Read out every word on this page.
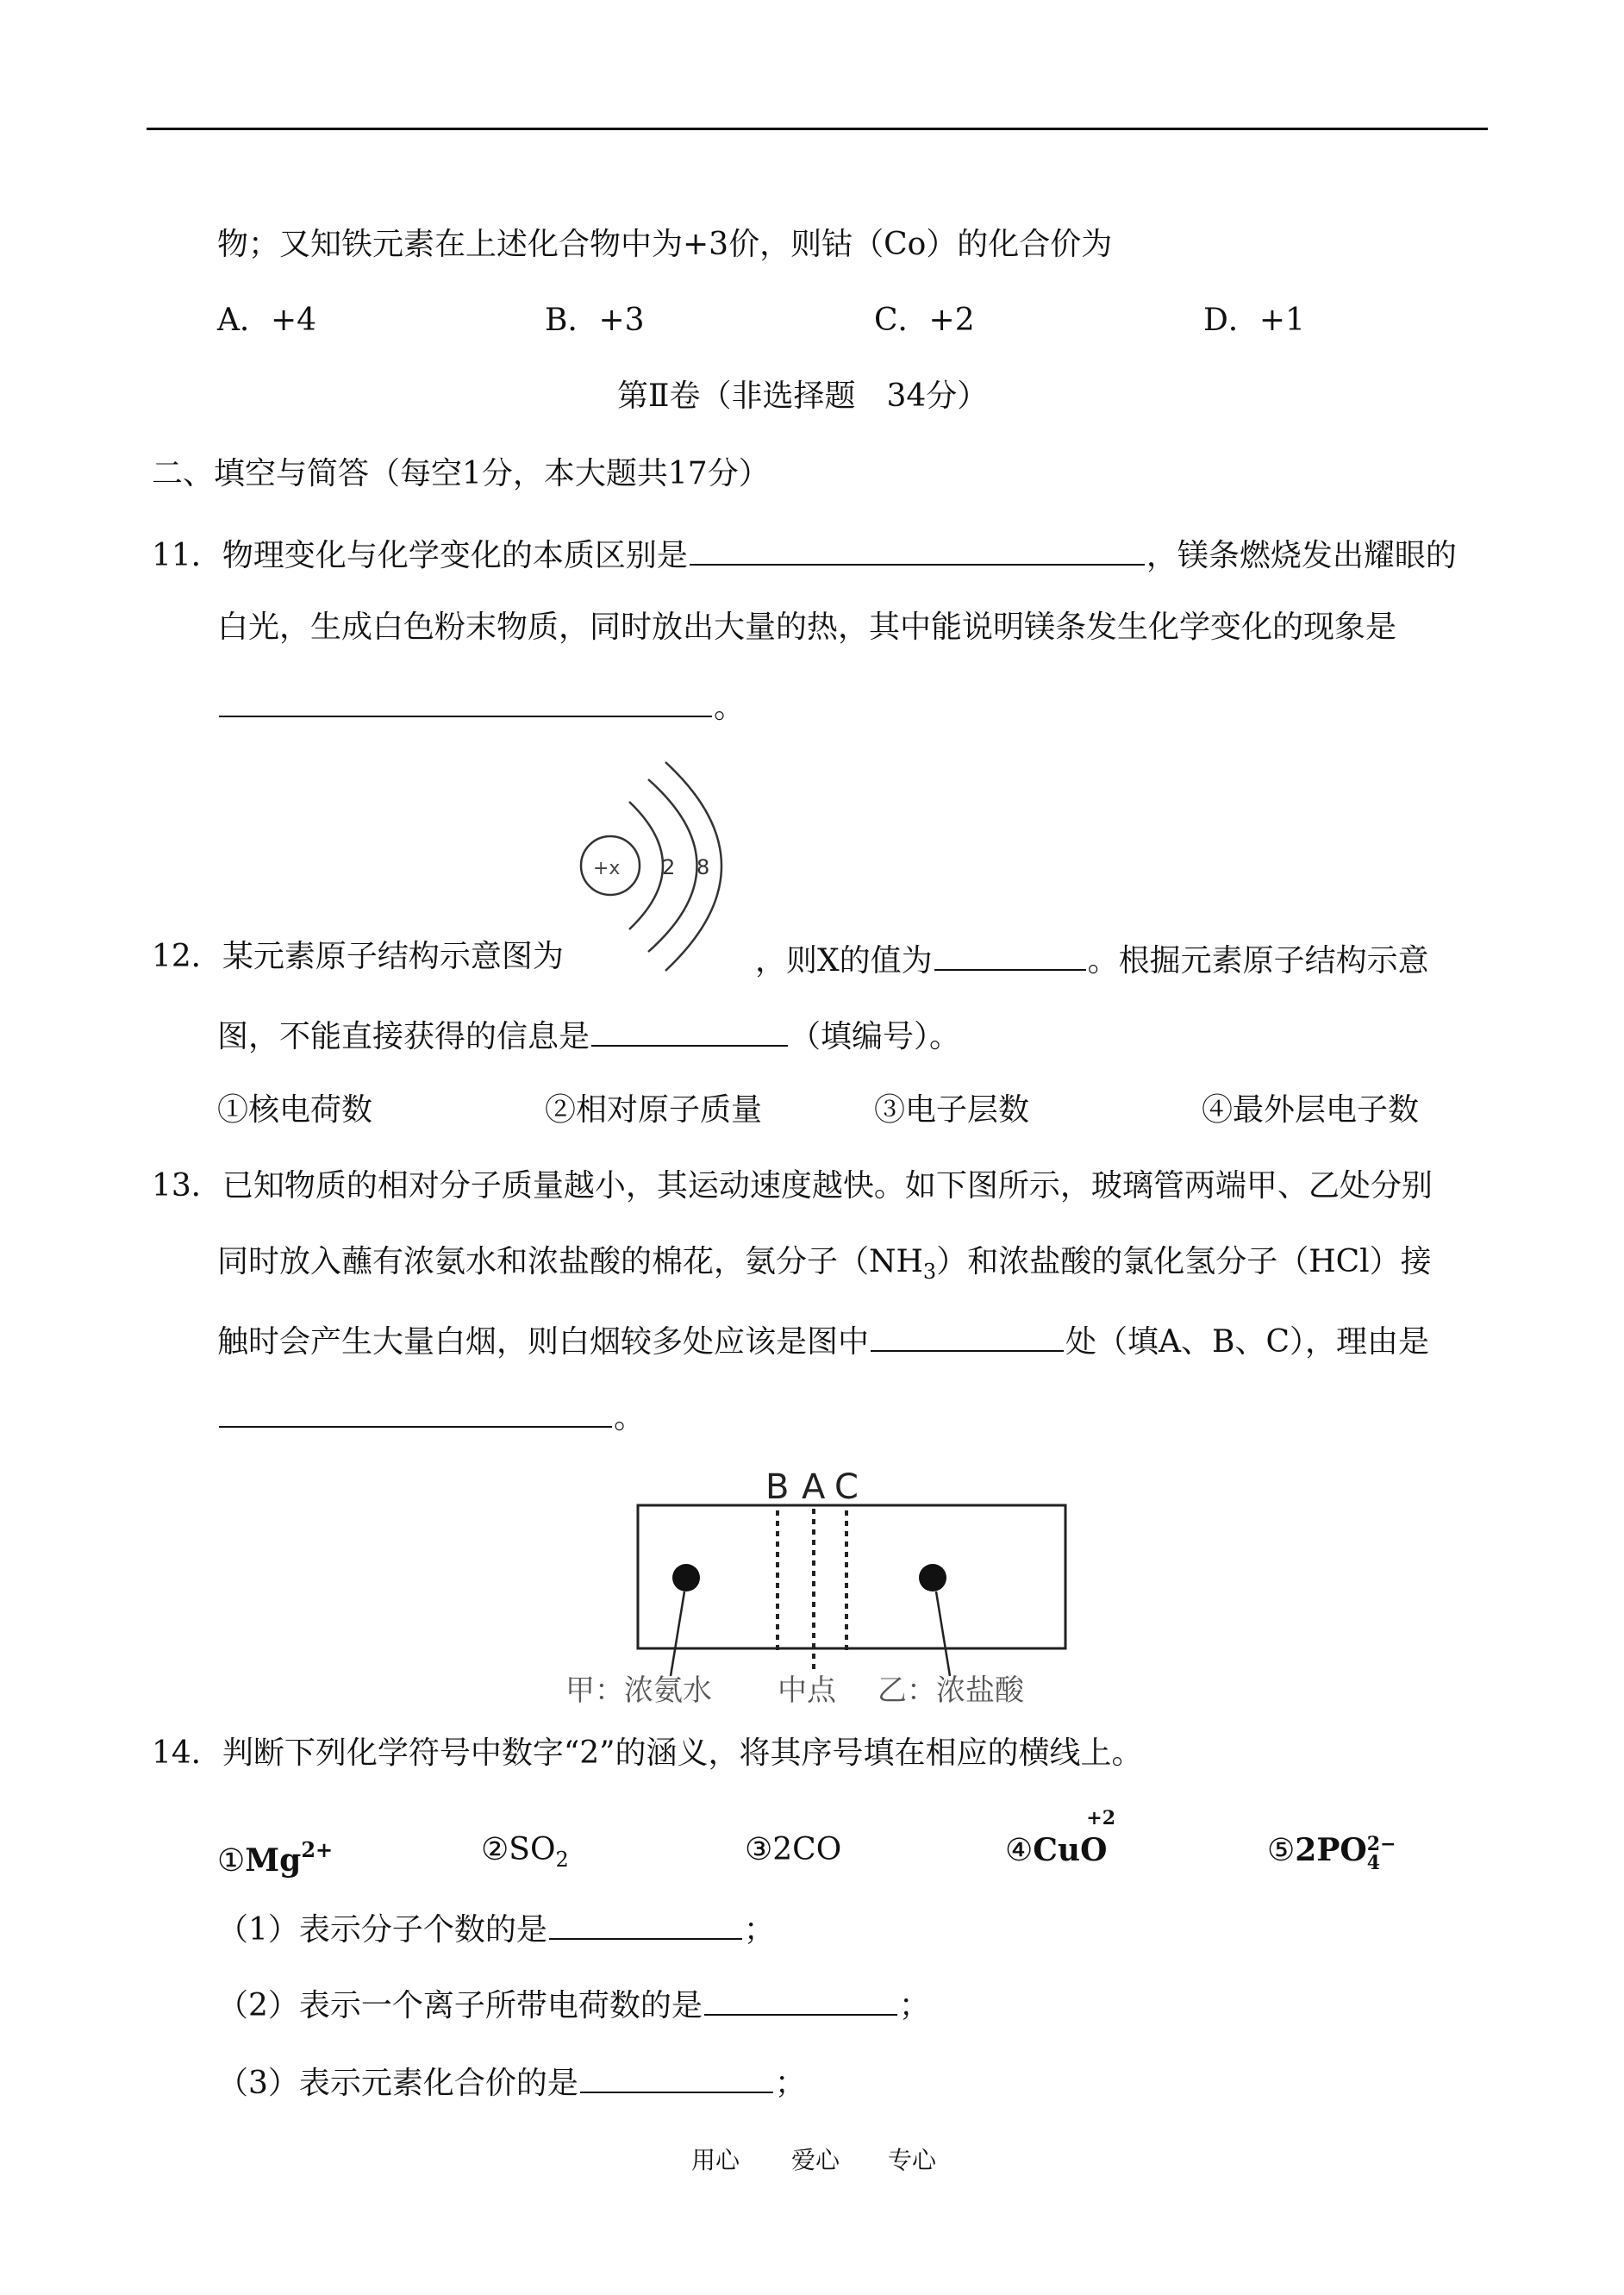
物；又知铁元素在上述化合物中为+3价，则钴（Co）的化合价为
A．+4	B．+3	C．+2	D．+1
第Ⅱ卷（非选择题　34分）
二、填空与简答（每空1分，本大题共17分）
11．物理变化与化学变化的本质区别是	，镁条燃烧发出耀眼的
白光，生成白色粉末物质，同时放出大量的热，其中能说明镁条发生化学变化的现象是
。
+x 2 8
12．某元素原子结构示意图为	，则X的值为	。根掘元素原子结构示意
图，不能直接获得的信息是	（填编号）。
①核电荷数	②相对原子质量	③电子层数	④最外层电子数
13．已知物质的相对分子质量越小，其运动速度越快。如下图所示，玻璃管两端甲、乙处分别
同时放入蘸有浓氨水和浓盐酸的棉花，氨分子$(NH_3)$和浓盐酸的氯化氢分子（HCl）接
触时会产生大量白烟，则白烟较多处应该是图中	处（填A、B、C），理由是
。
B A C
甲：浓氨水 中点 乙：浓盐酸
14．判断下列化学符号中数字“2”的涵义，将其序号填在相应的横线上。
$①Mg^{2+}$	$②SO_2$	③2CO	④
+2
CuO	⑤2PO 2−
4
（1）表示分子个数的是	；
（2）表示一个离子所带电荷数的是	；
（3）表示元素化合价的是	；
用心 爱心 专心
